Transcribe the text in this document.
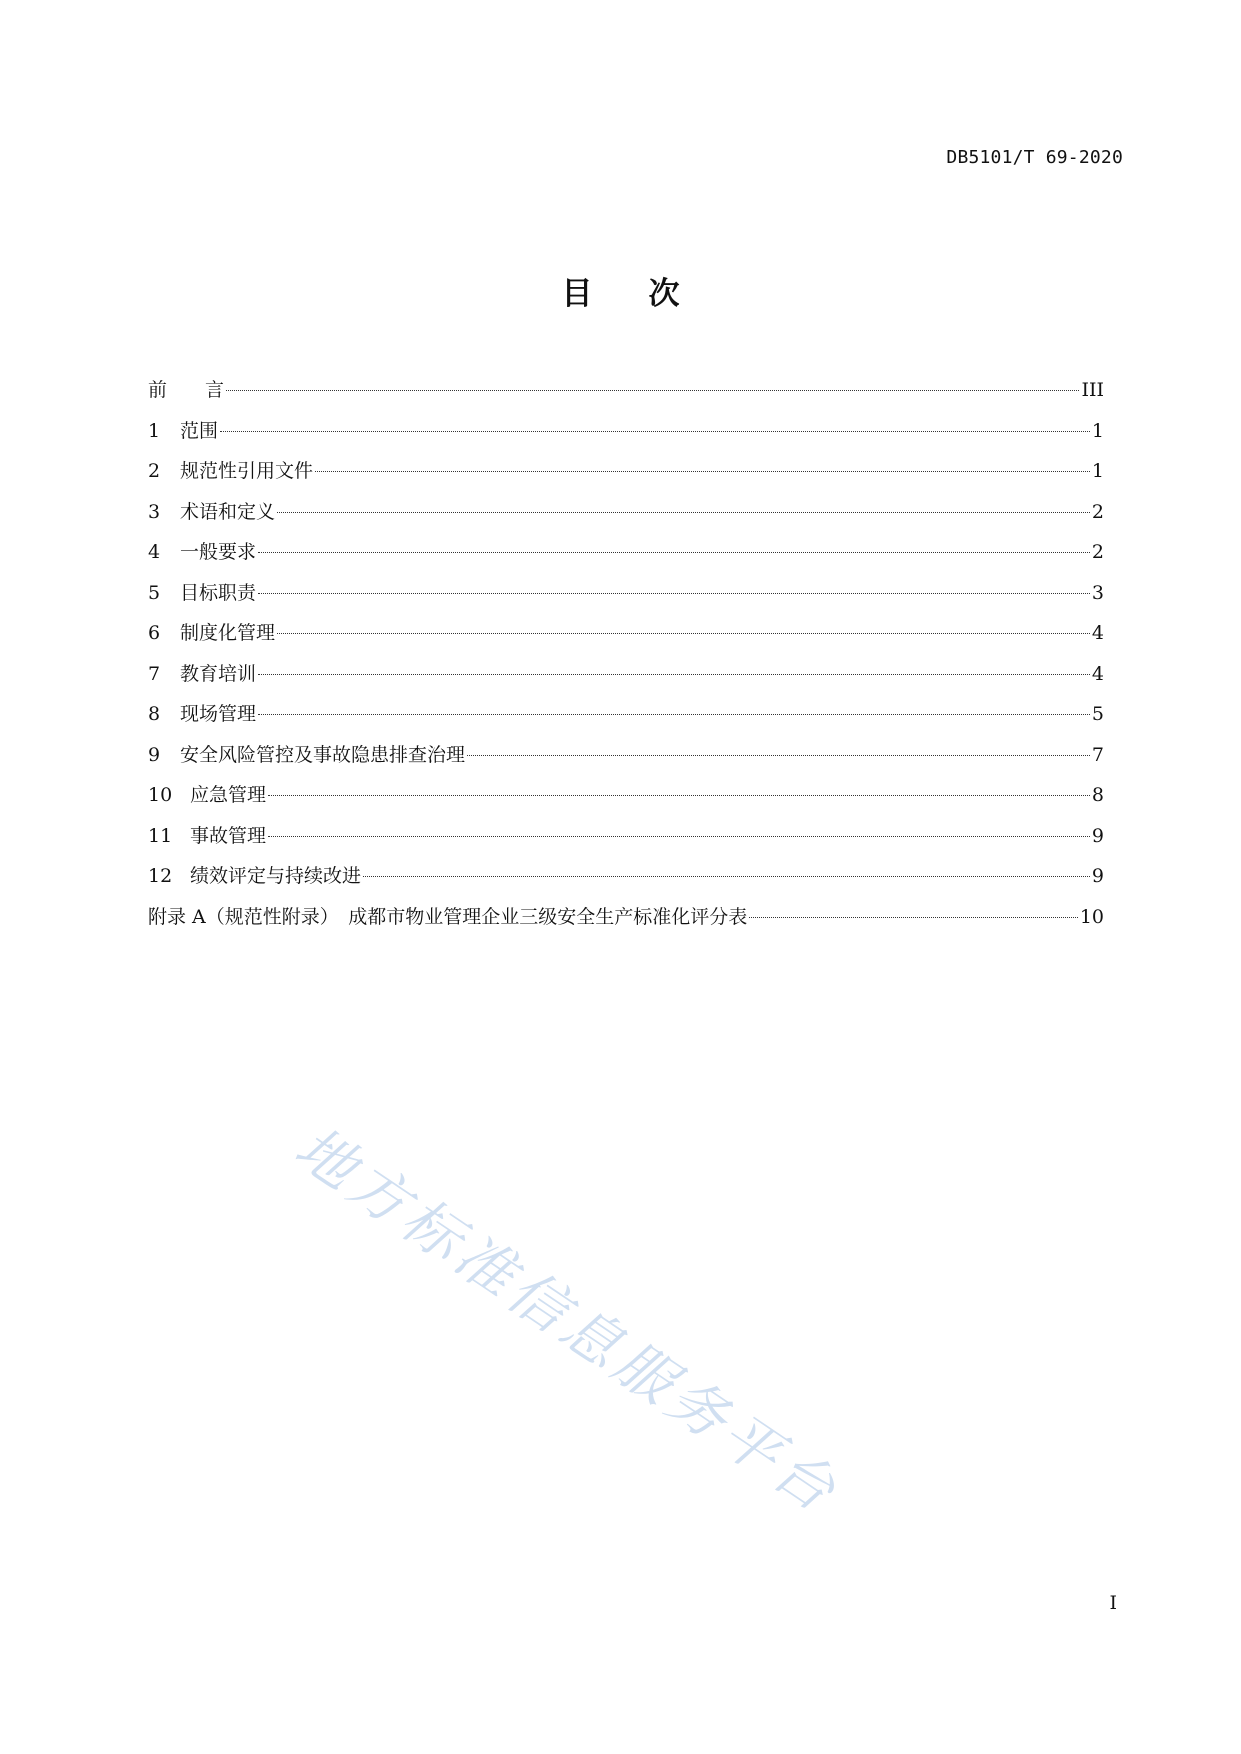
DB5101/T 69-2020
目次
前　　言	III
1	范围	1
2	规范性引用文件	1
3	术语和定义	2
4	一般要求	2
5	目标职责	3
6	制度化管理	4
7	教育培训	4
8	现场管理	5
9	安全风险管控及事故隐患排查治理	7
10 应急管理	8
11 事故管理	9
12 绩效评定与持续改进	9
附录 A（规范性附录）　成都市物业管理企业三级安全生产标准化评分表	10
地方标准信息服务平台
I
